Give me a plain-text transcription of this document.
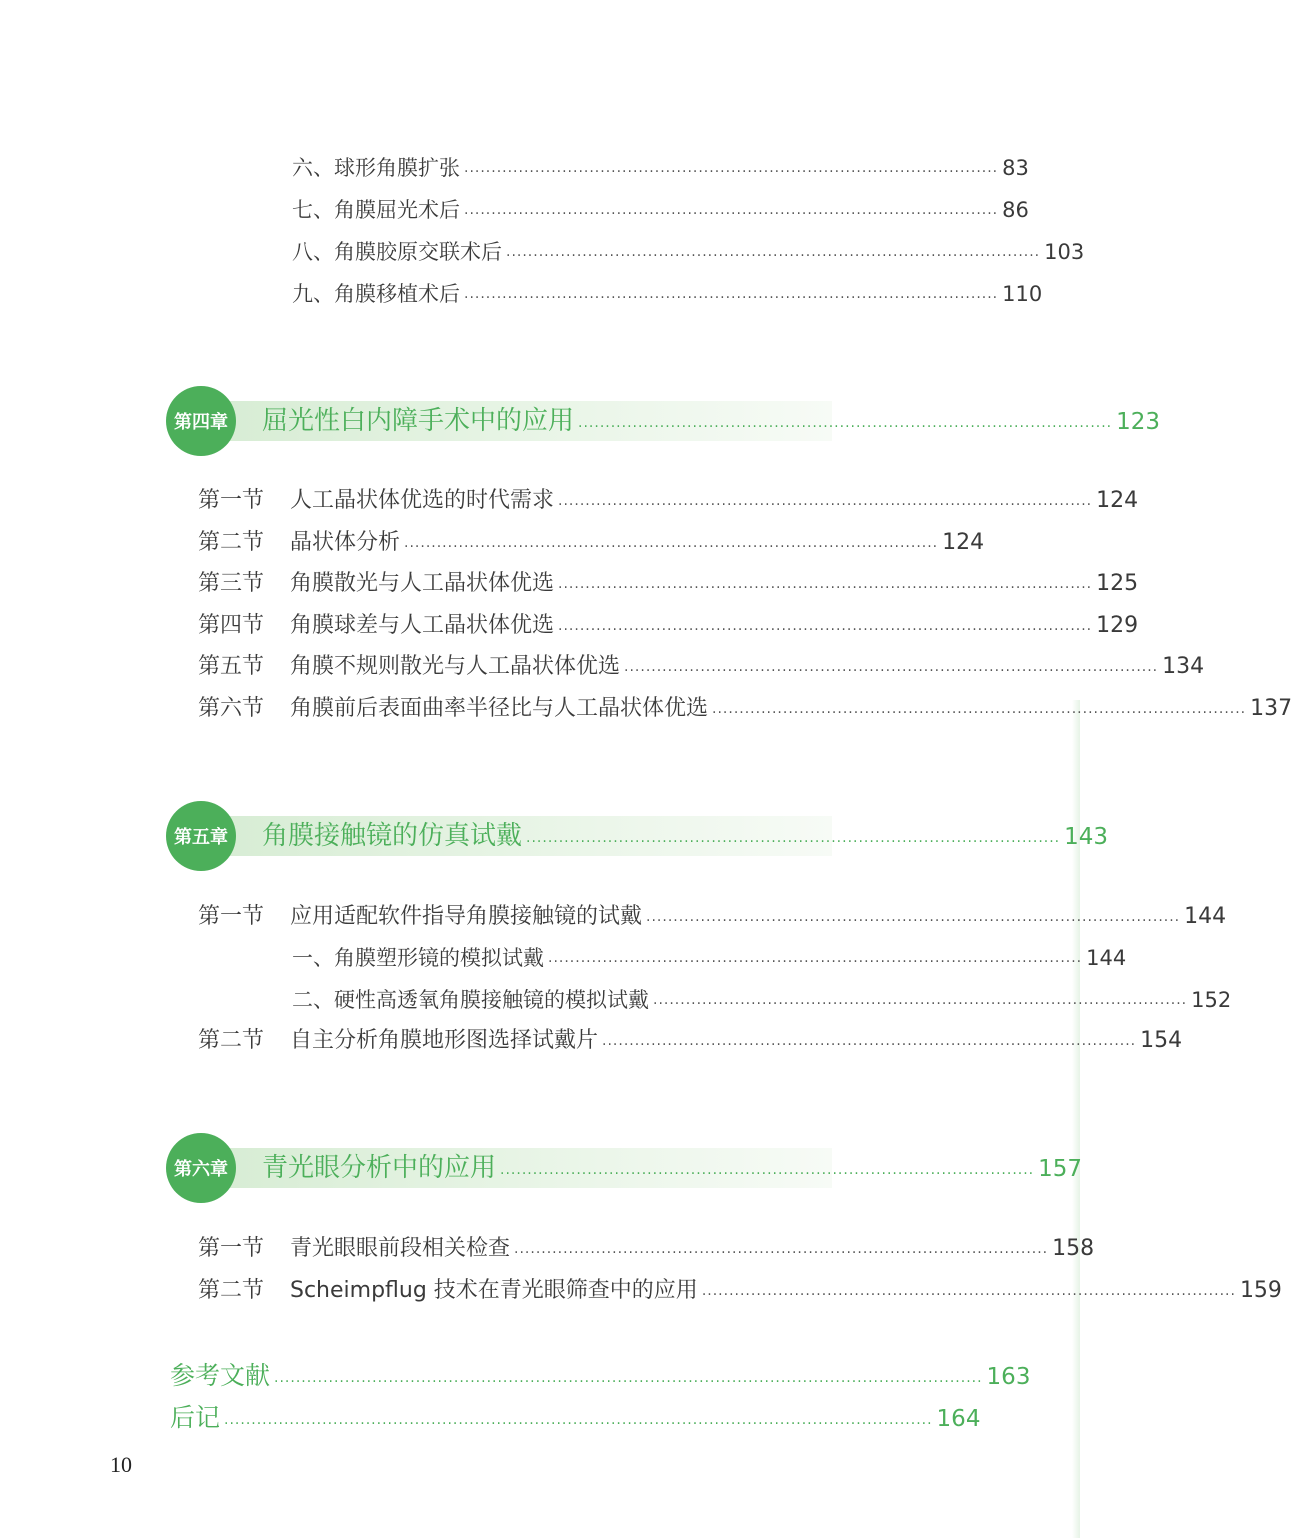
六、球形角膜扩张 ·································································································· 83
七、角膜屈光术后 ·································································································· 86
八、角膜胶原交联术后 ·································································································· 103
九、角膜移植术后 ·································································································· 110
第四章	屈光性白内障手术中的应用 ·································································································· 123
第一节 人工晶状体优选的时代需求 ·································································································· 124
第二节 晶状体分析 ·································································································· 124
第三节 角膜散光与人工晶状体优选 ·································································································· 125
第四节 角膜球差与人工晶状体优选 ·································································································· 129
第五节 角膜不规则散光与人工晶状体优选 ·································································································· 134
第六节 角膜前后表面曲率半径比与人工晶状体优选 ·································································································· 137
第五章	角膜接触镜的仿真试戴 ·································································································· 143
第一节 应用适配软件指导角膜接触镜的试戴 ·································································································· 144
一、角膜塑形镜的模拟试戴 ·································································································· 144
二、硬性高透氧角膜接触镜的模拟试戴 ·································································································· 152
第二节 自主分析角膜地形图选择试戴片 ·································································································· 154
第六章	青光眼分析中的应用 ·································································································· 157
第一节 青光眼眼前段相关检查 ·································································································· 158
第二节 Scheimpflug 技术在青光眼筛查中的应用 ·································································································· 159
参考文献 ·································································································································· 163
后记 ·································································································································· 164
10
